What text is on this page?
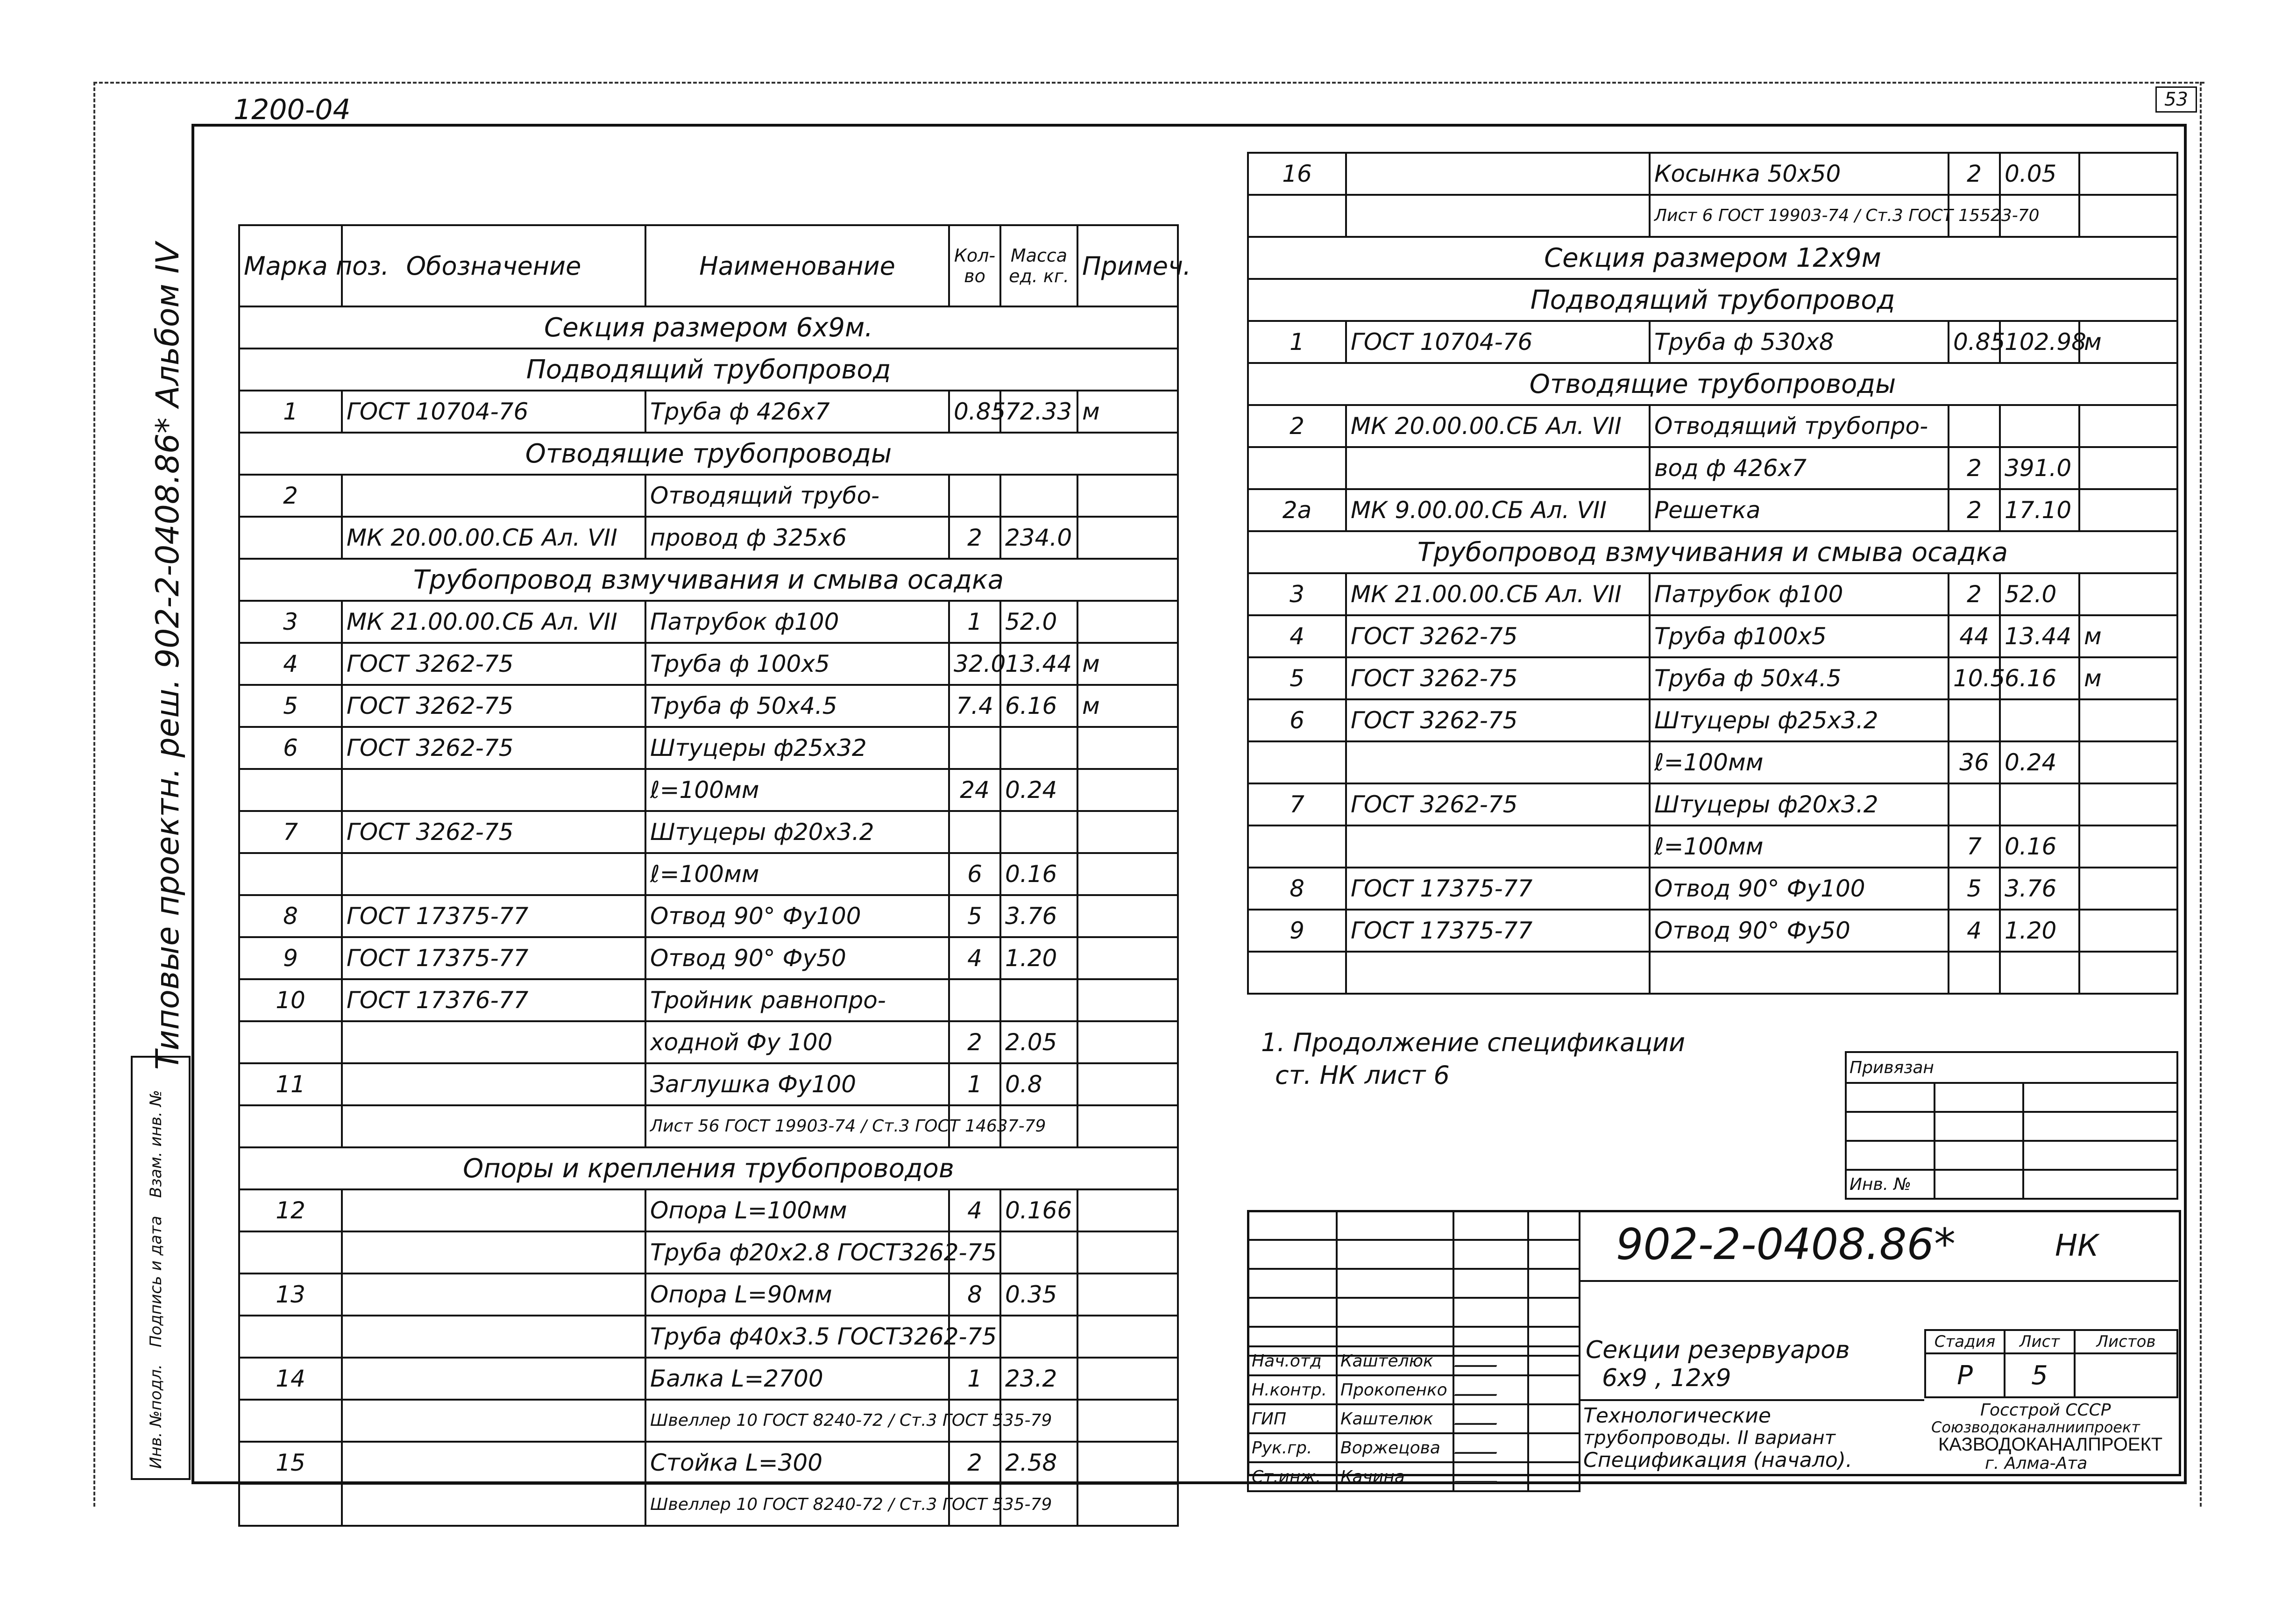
1200-04	53
Типовые проектн. реш. 902-2-0408.86* Альбом IV
Инв. №подл.
Подпись и дата
Взам. инв. №
Марка поз.	Обозначение	Наименование	Кол-во	Масса ед. кг.	Примеч.
Секция размером 6х9м.					
Подводящий трубопровод					
1	ГОСТ 10704-76	Труба ф 426х7	0.85	72.33	м
Отводящие трубопроводы					
2		Отводящий трубо-			
	МК 20.00.00.СБ Ал. VII	провод ф 325х6	2	234.0	
Трубопровод взмучивания и смыва осадка					
3	МК 21.00.00.СБ Ал. VII	Патрубок ф100	1	52.0	
4	ГОСТ 3262-75	Труба ф 100х5	32.0	13.44	м
5	ГОСТ 3262-75	Труба ф 50х4.5	7.4	6.16	м
6	ГОСТ 3262-75	Штуцеры ф25х32			
		ℓ=100мм	24	0.24	
7	ГОСТ 3262-75	Штуцеры ф20х3.2			
		ℓ=100мм	6	0.16	
8	ГОСТ 17375-77	Отвод 90° Фу100	5	3.76	
9	ГОСТ 17375-77	Отвод 90° Фу50	4	1.20	
10	ГОСТ 17376-77	Тройник равнопро-			
		ходной Фу 100	2	2.05	
11		Заглушка Фу100	1	0.8	
		Лист 56 ГОСТ 19903-74 / Ст.3 ГОСТ 14637-79			
Опоры и крепления трубопроводов					
12		Опора L=100мм	4	0.166	
		Труба ф20х2.8 ГОСТ3262-75			
13		Опора L=90мм	8	0.35	
		Труба ф40х3.5 ГОСТ3262-75			
14		Балка L=2700	1	23.2	
		Швеллер 10 ГОСТ 8240-72 / Ст.3 ГОСТ 535-79			
15		Стойка L=300	2	2.58	
		Швеллер 10 ГОСТ 8240-72 / Ст.3 ГОСТ 535-79			
16		Косынка 50х50	2	0.05	
		Лист 6 ГОСТ 19903-74 / Ст.3 ГОСТ 15523-70			
Секция размером 12х9м					
Подводящий трубопровод					
1	ГОСТ 10704-76	Труба ф 530х8	0.85	102.98	м
Отводящие трубопроводы					
2	МК 20.00.00.СБ Ал. VII	Отводящий трубопро-			
		вод ф 426х7	2	391.0	
2а	МК 9.00.00.СБ Ал. VII	Решетка	2	17.10	
Трубопровод взмучивания и смыва осадка					
3	МК 21.00.00.СБ Ал. VII	Патрубок ф100	2	52.0	
4	ГОСТ 3262-75	Труба ф100х5	44	13.44	м
5	ГОСТ 3262-75	Труба ф 50х4.5	10.5	6.16	м
6	ГОСТ 3262-75	Штуцеры ф25х3.2			
		ℓ=100мм	36	0.24	
7	ГОСТ 3262-75	Штуцеры ф20х3.2			
		ℓ=100мм	7	0.16	
8	ГОСТ 17375-77	Отвод 90° Фу100	5	3.76	
9	ГОСТ 17375-77	Отвод 90° Фу50	4	1.20	

1. Продолжение спецификации
ст. НК лист 6	Привязан		

Инв. №		

Нач.отд	Каштелюк		
Н.контр.	Прокопенко		
ГИП	Каштелюк		
Рук.гр.	Воржецова		
Ст.инж.	Качина		
902-2-0408.86*	НК
Секции резервуаров
6х9 , 12х9
Технологические
трубопроводы. II вариант
Спецификация (начало).
Стадия	Лист	Листов
Р	5	
Госстрой СССР
Союзводоканалниипроект
КАЗВОДОКАНАЛПРОЕКТ
г. Алма-Ата
